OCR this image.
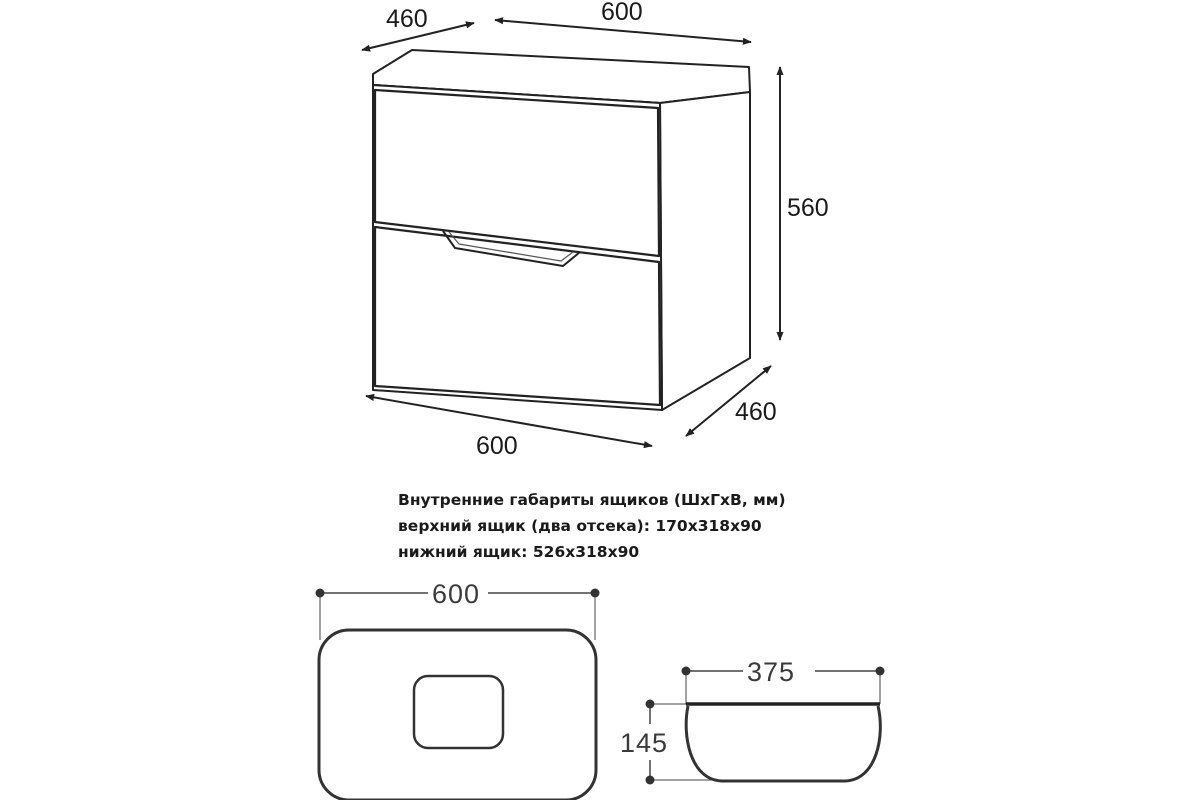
460	600
560
460
600
Внутренние габариты ящиков (ШхГхВ, мм)
верхний ящик (два отсека): 170х318х90
нижний ящик: 526х318х90
600
375
145
